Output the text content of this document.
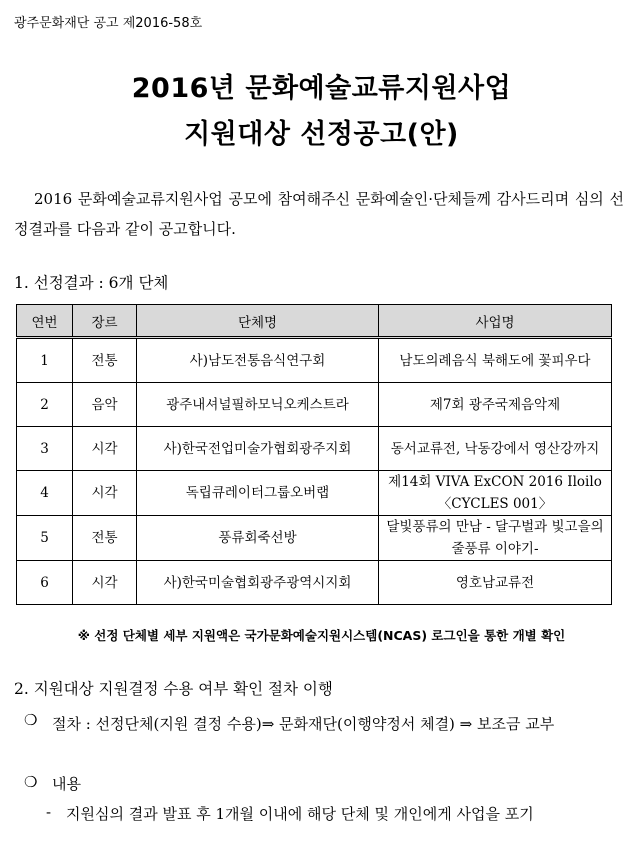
광주문화재단 공고 제2016-58호
2016년 문화예술교류지원사업
지원대상 선정공고(안)
2016 문화예술교류지원사업 공모에 참여해주신 문화예술인·단체들께 감사드리며 심의 선정결과를 다음과 같이 공고합니다.
1. 선정결과 : 6개 단체
연번	장르	단체명	사업명
1	전통	사)남도전통음식연구회	남도의례음식 북해도에 꽃피우다
2	음악	광주내셔널필하모닉오케스트라	제7회 광주국제음악제
3	시각	사)한국전업미술가협회광주지회	동서교류전, 낙동강에서 영산강까지
4	시각	독립큐레이터그룹오버랩	제14회 VIVA ExCON 2016 Iloilo 〈CYCLES 001〉
5	전통	풍류회죽선방	달빛풍류의 만남 - 달구벌과 빛고을의 줄풍류 이야기-
6	시각	사)한국미술협회광주광역시지회	영호남교류전
※ 선정 단체별 세부 지원액은 국가문화예술지원시스템(NCAS) 로그인을 통한 개별 확인
2. 지원대상 지원결정 수용 여부 확인 절차 이행
❍ 절차 : 선정단체(지원 결정 수용)⇒ 문화재단(이행약정서 체결) ⇒ 보조금 교부
❍ 내용
- 지원심의 결과 발표 후 1개월 이내에 해당 단체 및 개인에게 사업을 포기
